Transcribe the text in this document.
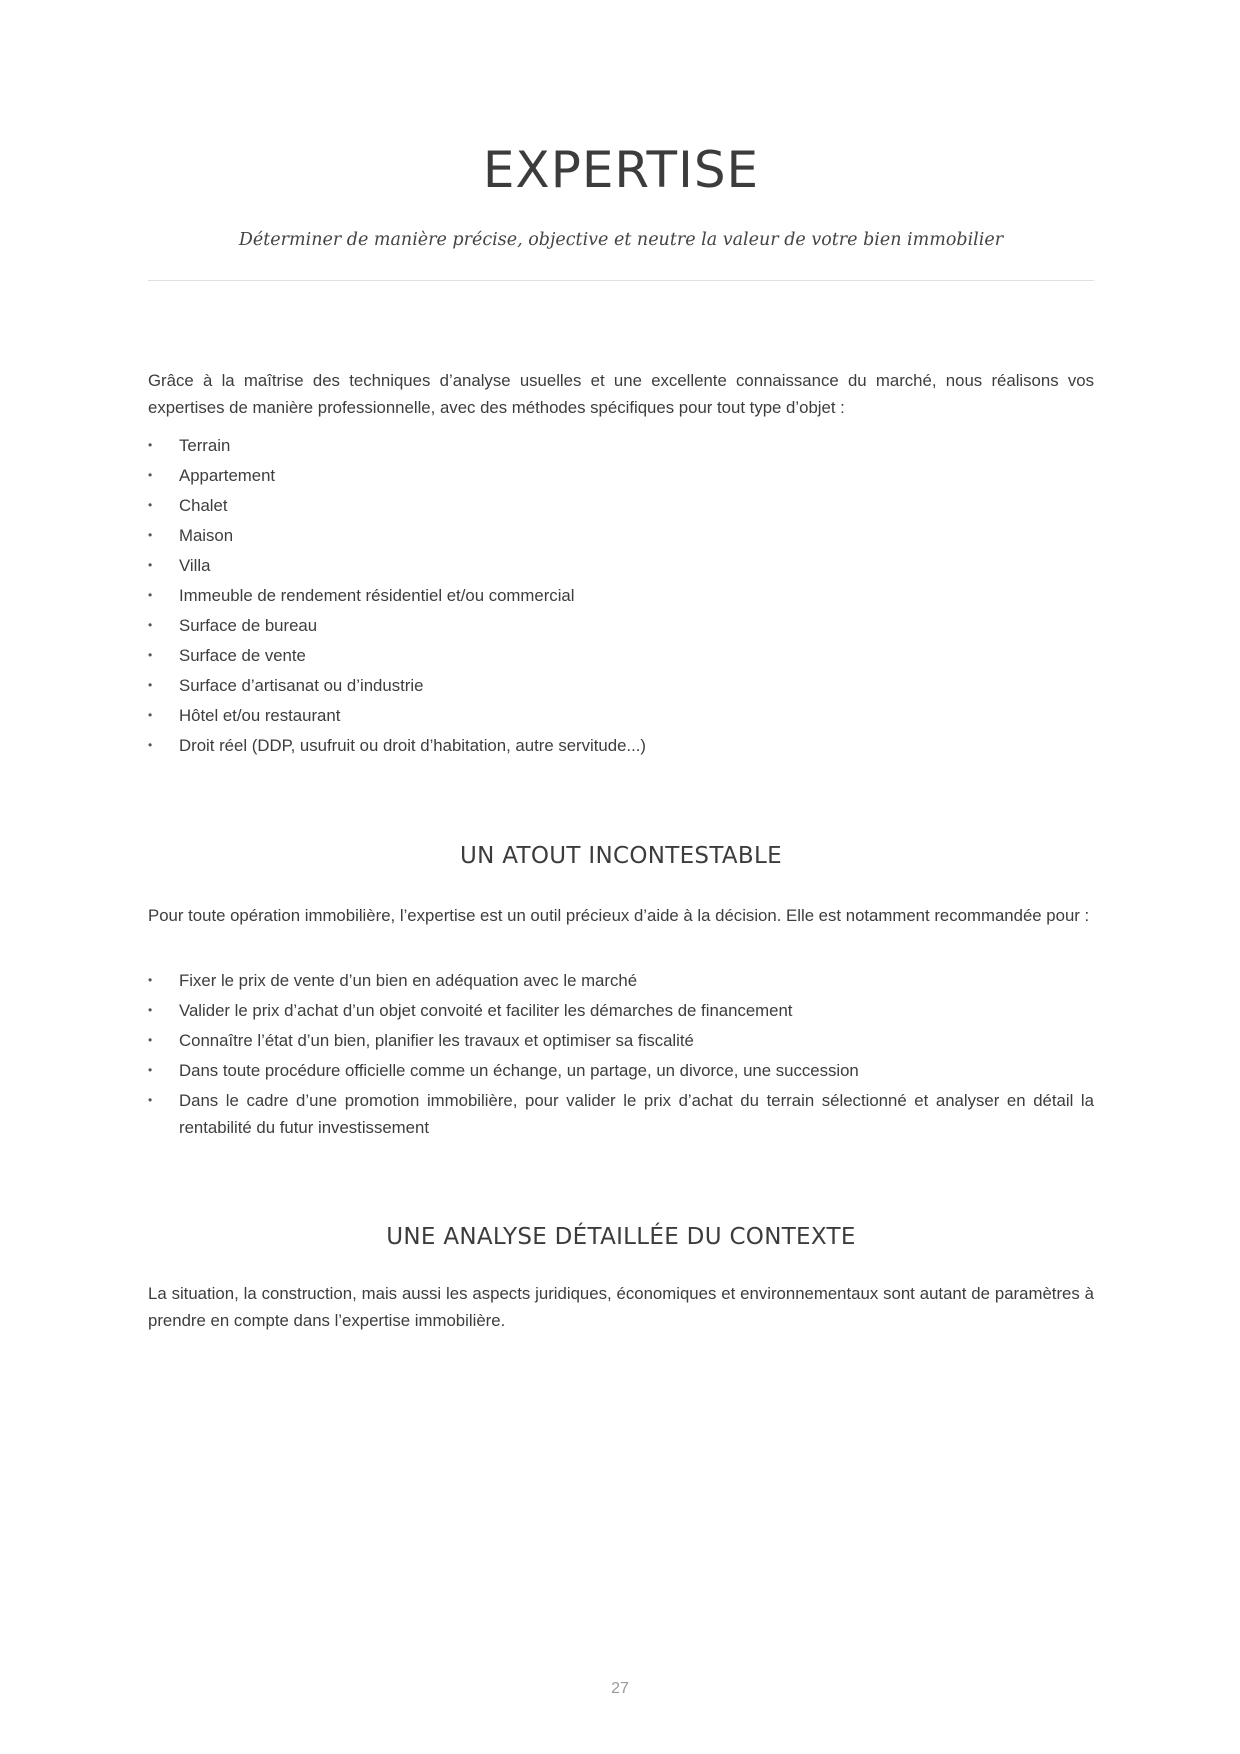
EXPERTISE

Déterminer de manière précise, objective et neutre la valeur de votre bien immobilier

Grâce à la maîtrise des techniques d’analyse usuelles et une excellente connaissance du marché, nous réalisons vos expertises de manière professionnelle, avec des méthodes spécifiques pour tout type d’objet :

• Terrain
• Appartement
• Chalet
• Maison
• Villa
• Immeuble de rendement résidentiel et/ou commercial
• Surface de bureau
• Surface de vente
• Surface d’artisanat ou d’industrie
• Hôtel et/ou restaurant
• Droit réel (DDP, usufruit ou droit d’habitation, autre servitude...)
UN ATOUT INCONTESTABLE

Pour toute opération immobilière, l’expertise est un outil précieux d’aide à la décision. Elle est notamment recommandée pour :

• Fixer le prix de vente d’un bien en adéquation avec le marché
• Valider le prix d’achat d’un objet convoité et faciliter les démarches de financement
• Connaître l’état d’un bien, planifier les travaux et optimiser sa fiscalité
• Dans toute procédure officielle comme un échange, un partage, un divorce, une succession
• Dans le cadre d’une promotion immobilière, pour valider le prix d’achat du terrain sélectionné et analyser en détail la rentabilité du futur investissement
UNE ANALYSE DÉTAILLÉE DU CONTEXTE

La situation, la construction, mais aussi les aspects juridiques, économiques et environnementaux sont autant de paramètres à prendre en compte dans l’expertise immobilière.

27
